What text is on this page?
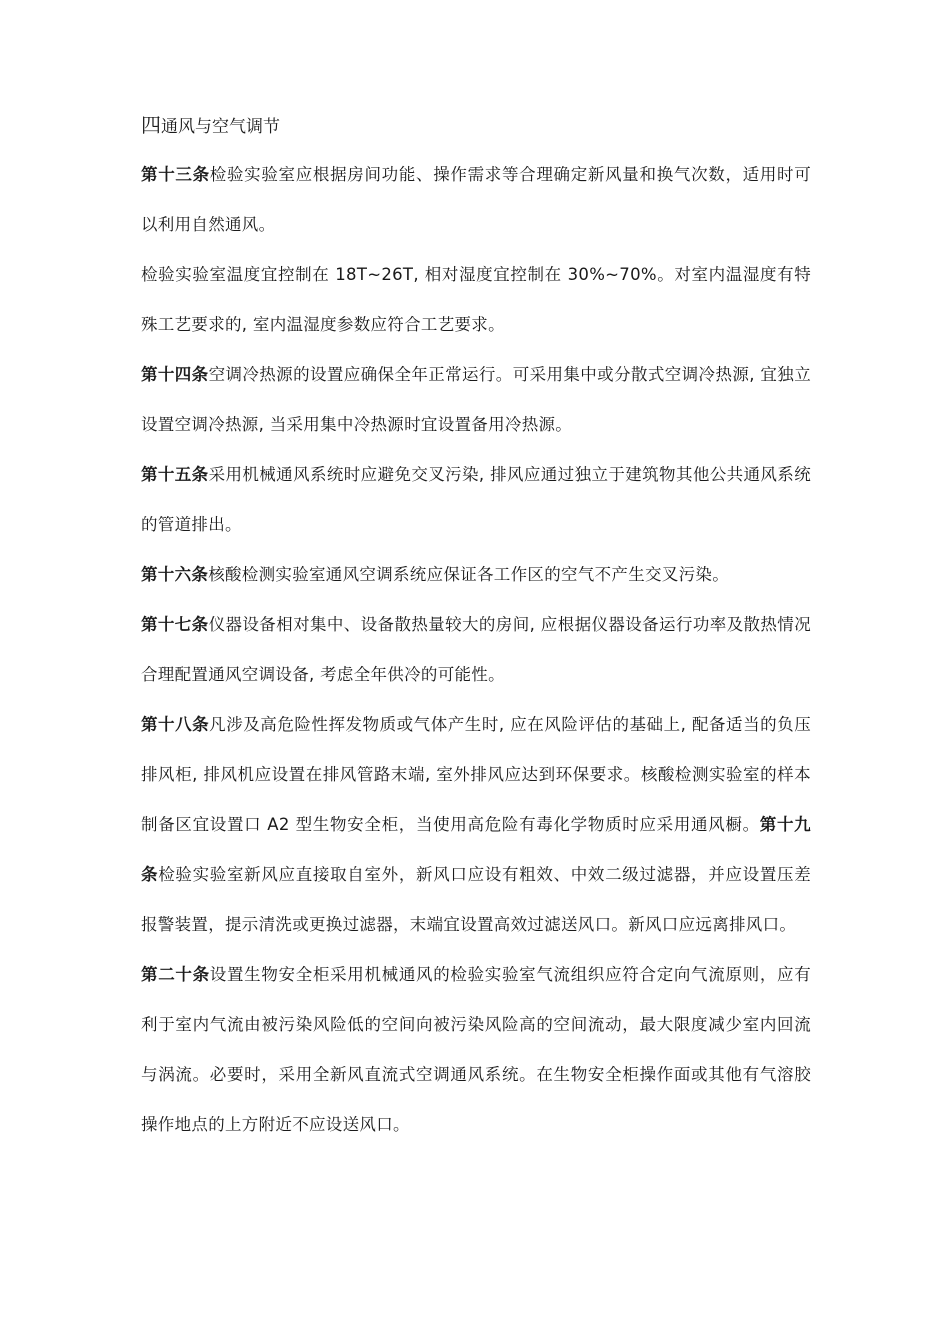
四通风与空气调节

第十三条检验实验室应根据房间功能、操作需求等合理确定新风量和换气次数，适用时可以利用自然通风。

检验实验室温度宜控制在 18T~26T, 相对湿度宜控制在 30%~70%。对室内温湿度有特殊工艺要求的, 室内温湿度参数应符合工艺要求。

第十四条空调冷热源的设置应确保全年正常运行。可采用集中或分散式空调冷热源, 宜独立设置空调冷热源, 当采用集中冷热源时宜设置备用冷热源。

第十五条采用机械通风系统时应避免交叉污染, 排风应通过独立于建筑物其他公共通风系统的管道排出。

第十六条核酸检测实验室通风空调系统应保证各工作区的空气不产生交叉污染。

第十七条仪器设备相对集中、设备散热量较大的房间, 应根据仪器设备运行功率及散热情况合理配置通风空调设备, 考虑全年供冷的可能性。

第十八条凡涉及高危险性挥发物质或气体产生时, 应在风险评估的基础上, 配备适当的负压排风柜, 排风机应设置在排风管路末端, 室外排风应达到环保要求。核酸检测实验室的样本制备区宜设置口 A2 型生物安全柜，当使用高危险有毒化学物质时应采用通风橱。第十九条检验实验室新风应直接取自室外，新风口应设有粗效、中效二级过滤器，并应设置压差报警装置，提示清洗或更换过滤器，末端宜设置高效过滤送风口。新风口应远离排风口。

第二十条设置生物安全柜采用机械通风的检验实验室气流组织应符合定向气流原则，应有利于室内气流由被污染风险低的空间向被污染风险高的空间流动，最大限度减少室内回流与涡流。必要时，采用全新风直流式空调通风系统。在生物安全柜操作面或其他有气溶胶操作地点的上方附近不应设送风口。
